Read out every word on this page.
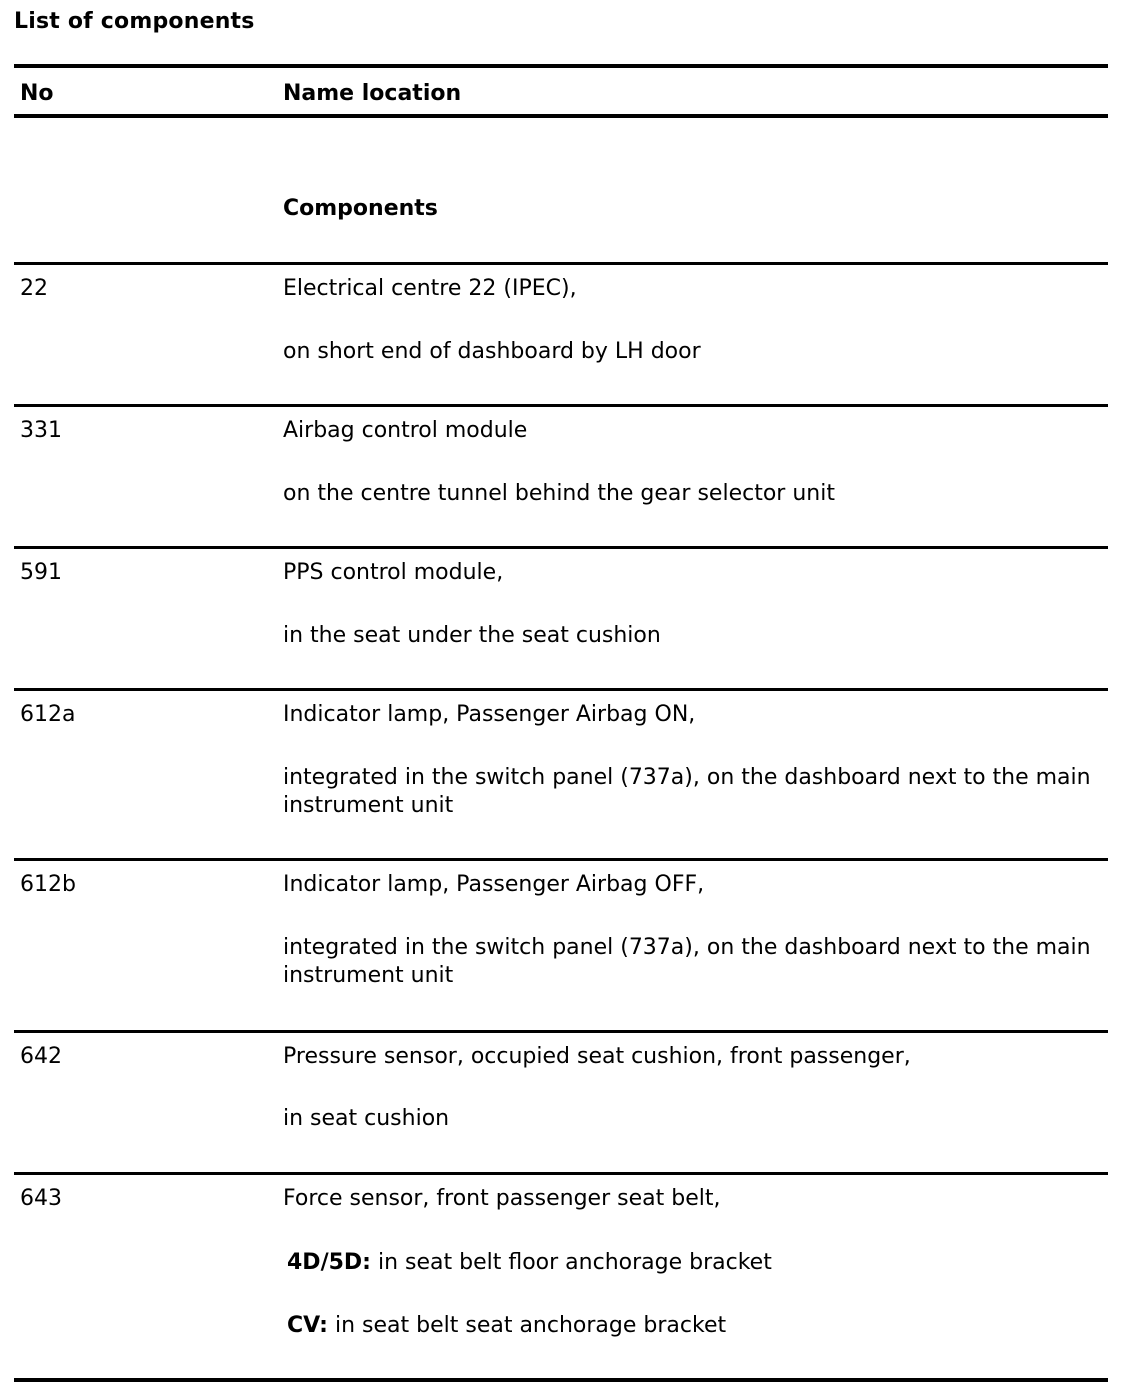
List of components
No	Name location
Components
22	Electrical centre 22 (IPEC),
on short end of dashboard by LH door
331	Airbag control module
on the centre tunnel behind the gear selector unit
591	PPS control module,
in the seat under the seat cushion
612a	Indicator lamp, Passenger Airbag ON,
integrated in the switch panel (737a), on the dashboard next to the main instrument unit
612b	Indicator lamp, Passenger Airbag OFF,
integrated in the switch panel (737a), on the dashboard next to the main instrument unit
642	Pressure sensor, occupied seat cushion, front passenger,
in seat cushion
643	Force sensor, front passenger seat belt,
4D/5D: in seat belt floor anchorage bracket
CV: in seat belt seat anchorage bracket
